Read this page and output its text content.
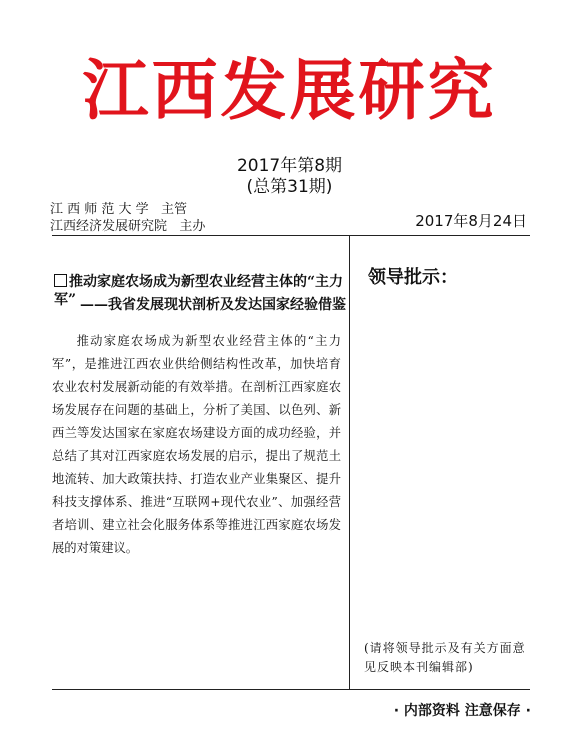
江西发展研究
2017年第8期
(总第31期)
江 西 师 范 大 学   主管
江西经济发展研究院   主办	2017年8月24日
推动家庭农场成为新型农业经营主体的“主力军” ——我省发展现状剖析及发达国家经验借鉴
推动家庭农场成为新型农业经营主体的“主力军”，是推进江西农业供给侧结构性改革，加快培育农业农村发展新动能的有效举措。在剖析江西家庭农场发展存在问题的基础上，分析了美国、以色列、新西兰等发达国家在家庭农场建设方面的成功经验，并总结了其对江西家庭农场发展的启示，提出了规范土地流转、加大政策扶持、打造农业产业集聚区、提升科技支撑体系、推进“互联网+现代农业”、加强经营者培训、建立社会化服务体系等推进江西家庭农场发展的对策建议。
领导批示：
(请将领导批示及有关方面意见反映本刊编辑部)
· 内部资料 注意保存 ·
